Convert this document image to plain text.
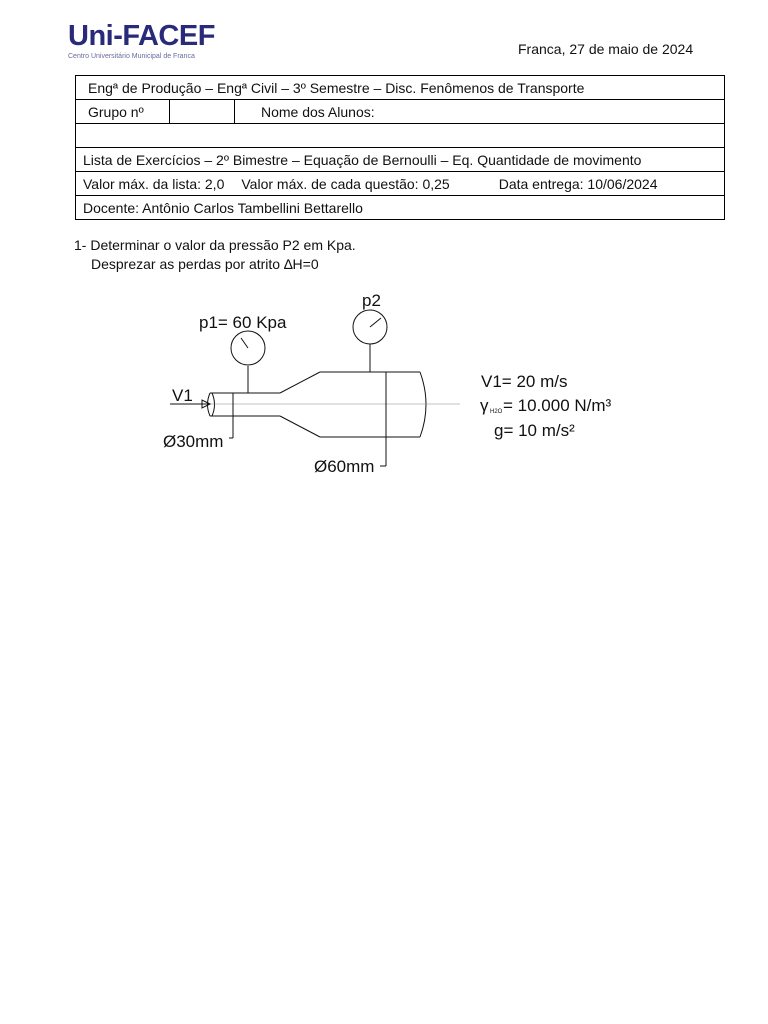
Uni-FACEF
Centro Universitário Municipal de Franca	Franca, 27 de maio de 2024
Engª de Produção – Engª Civil – 3º Semestre – Disc. Fenômenos de Transporte
Grupo nº		Nome dos Alunos:

Lista de Exercícios – 2º Bimestre – Equação de Bernoulli – Eq. Quantidade de movimento
Valor máx. da lista: 2,0 Valor máx. de cada questão: 0,25	Data entrega: 10/06/2024
Docente: Antônio Carlos Tambellini Bettarello
1- Determinar o valor da pressão P2 em Kpa.
Desprezar as perdas por atrito ∆H=0
p1= 60 Kpa
p2
V1
Ø30mm
Ø60mm
V1= 20 m/s
γ H2O = 10.000 N/m³
g= 10 m/s²
